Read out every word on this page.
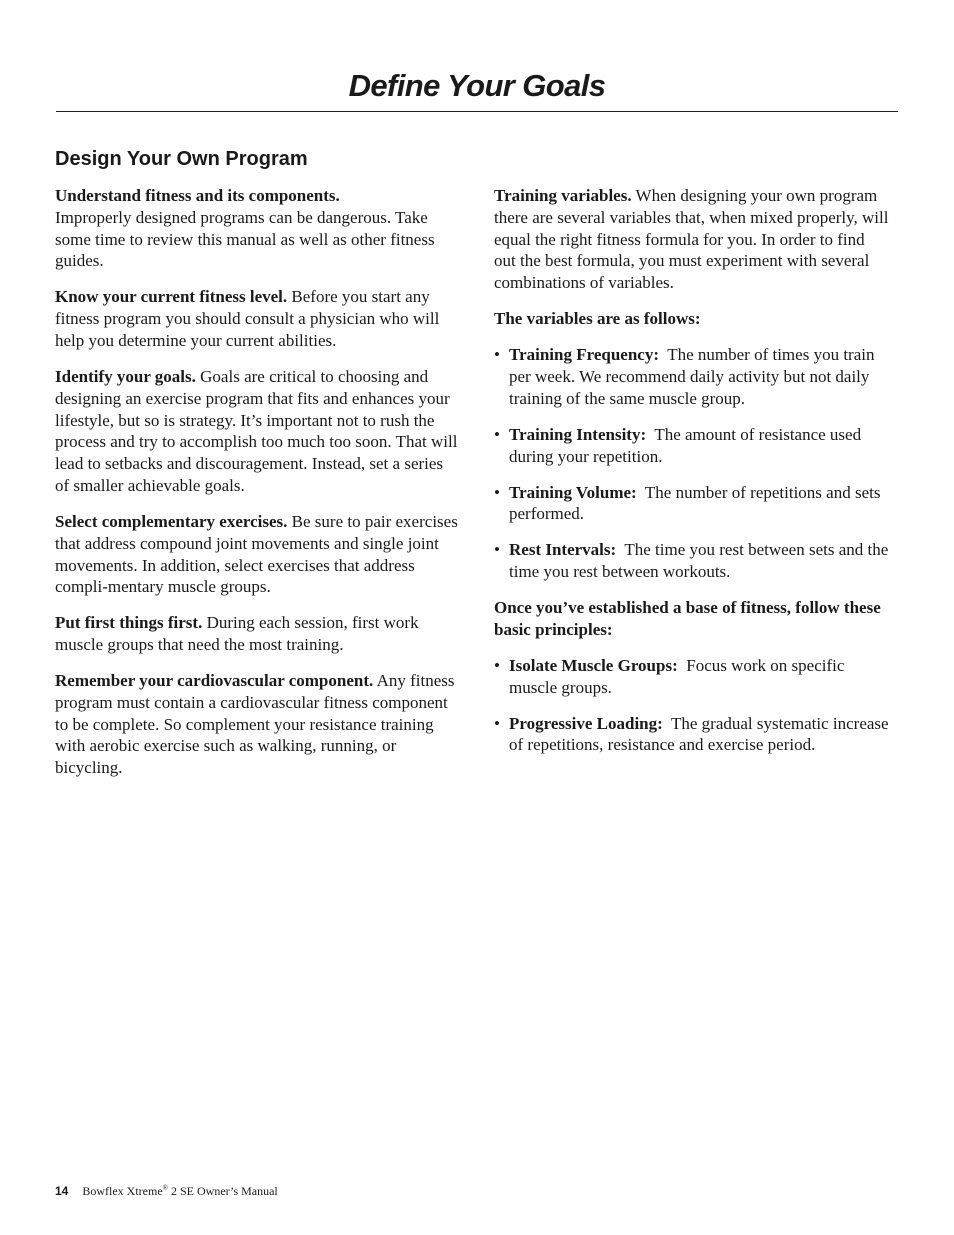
Define Your Goals
Design Your Own Program

Understand fitness and its components.
Improperly designed programs can be dangerous. Take some time to review this manual as well as other fitness guides.

Know your current fitness level. Before you start any fitness program you should consult a physician who will help you determine your current abilities.

Identify your goals. Goals are critical to choosing and designing an exercise program that fits and enhances your lifestyle, but so is strategy. It’s important not to rush the process and try to accomplish too much too soon. That will lead to setbacks and discouragement. Instead, set a series of smaller achievable goals.

Select complementary exercises. Be sure to pair exercises that address compound joint movements and single joint movements. In addition, select exercises that address compli-mentary muscle groups.

Put first things first. During each session, first work muscle groups that need the most training.

Remember your cardiovascular component. Any fitness program must contain a cardiovascular fitness component to be complete. So complement your resistance training with aerobic exercise such as walking, running, or bicycling.

Training variables. When designing your own program there are several variables that, when mixed properly, will equal the right fitness formula for you. In order to find out the best formula, you must experiment with several combinations of variables.

The variables are as follows:

• Training Frequency: The number of times you train per week. We recommend daily activity but not daily training of the same muscle group.
• Training Intensity: The amount of resistance used during your repetition.
• Training Volume: The number of repetitions and sets performed.
• Rest Intervals: The time you rest between sets and the time you rest between workouts.

Once you’ve established a base of fitness, follow these basic principles:

• Isolate Muscle Groups: Focus work on specific muscle groups.
• Progressive Loading: The gradual systematic increase of repetitions, resistance and exercise period.
14 Bowflex Xtreme® 2 SE Owner’s Manual
